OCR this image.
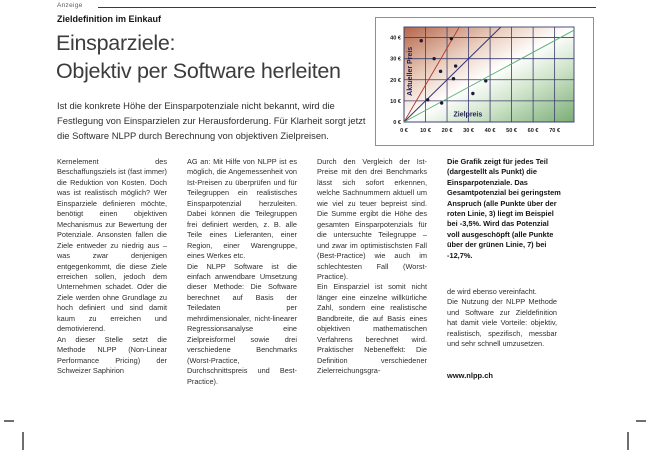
Anzeige
Zieldefinition im Einkauf
Einsparziele:
Objektiv per Software herleiten
Ist die konkrete Höhe der Einsparpotenziale nicht bekannt, wird die Festlegung von Einsparzielen zur Herausforderung. Für Klarheit sorgt jetzt die Software NLPP durch Berechnung von objektiven Zielpreisen.	0 € 10 € 20 € 30 € 40 € 50 € 60 € 70 €
0 €
10 €
20 €
30 €
40 €
Zielpreis
Aktueller Preis

Kernelement des Beschaffungsziels ist (fast immer) die Reduktion von Kosten. Doch was ist realistisch möglich? Wer Einsparziele definieren möchte, benötigt einen objektiven Mechanismus zur Bewertung der Potenziale. Ansonsten fallen die Ziele entweder zu niedrig aus – was zwar denjenigen entgegenkommt, die diese Ziele erreichen sollen, jedoch dem Unternehmen schadet. Oder die Ziele werden ohne Grundlage zu hoch definiert und sind damit kaum zu erreichen und demotivierend.

An dieser Stelle setzt die Methode NLPP (Non-Linear Performance Pricing) der Schweizer Saphirion

AG an: Mit Hilfe von NLPP ist es möglich, die Angemessenheit von Ist-Preisen zu überprüfen und für Teilegruppen ein realistisches Einsparpotenzial herzuleiten. Dabei können die Teilegruppen frei definiert werden, z. B. alle Teile eines Lieferanten, einer Region, einer Warengruppe, eines Werkes etc.

Die NLPP Software ist die einfach anwendbare Umsetzung dieser Methode: Die Software berechnet auf Basis der Teiledaten per mehrdimensionaler, nicht-linearer Regressionsanalyse eine Zielpreisformel sowie drei verschiedene Benchmarks (Worst-Practice, Durchschnittspreis und Best-Practice).

Durch den Vergleich der Ist-Preise mit den drei Benchmarks lässt sich sofort erkennen, welche Sachnummern aktuell um wie viel zu teuer bepreist sind. Die Summe ergibt die Höhe des gesamten Einsparpotenzials für die untersuchte Teilegruppe – und zwar im optimistischsten Fall (Best-Practice) wie auch im schlechtesten Fall (Worst-Practice).

Ein Einsparziel ist somit nicht länger eine einzelne willkürliche Zahl, sondern eine realistische Bandbreite, die auf Basis eines objektiven mathematischen Verfahrens berechnet wird. Praktischer Nebeneffekt: Die Definition verschiedener Zielerreichungsgra-

Die Grafik zeigt für jedes Teil (dargestellt als Punkt) die Einsparpotenziale. Das Gesamtpotenzial bei geringstem Anspruch (alle Punkte über der roten Linie, 3) liegt im Beispiel bei -3,5%. Wird das Potenzial voll ausgeschöpft (alle Punkte über der grünen Linie, 7) bei -12,7%.

de wird ebenso vereinfacht.

Die Nutzung der NLPP Methode und Software zur Zieldefinition hat damit viele Vorteile: objektiv, realistisch, spezifisch, messbar und sehr schnell umzusetzen.

www.nlpp.ch
